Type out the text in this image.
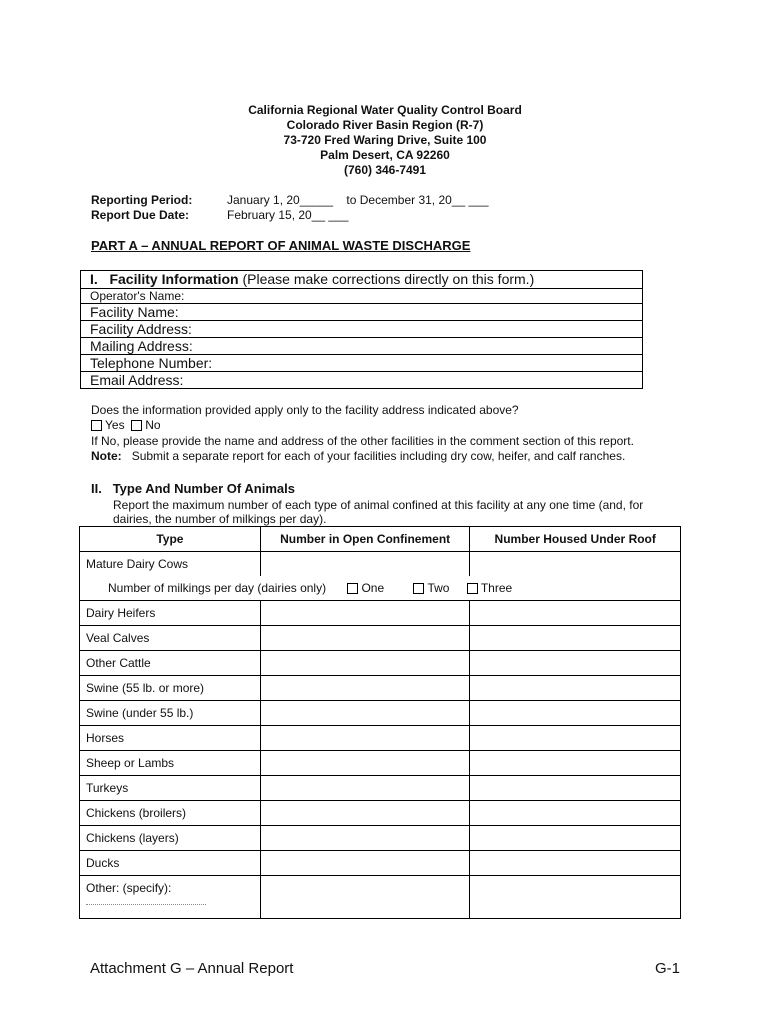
California Regional Water Quality Control Board
Colorado River Basin Region (R-7)
73-720 Fred Waring Drive, Suite 100
Palm Desert, CA 92260
(760) 346-7491
Reporting Period:	January 1, 20_____    to December 31, 20__ ___
Report Due Date:	February 15, 20__ ___
PART A – ANNUAL REPORT OF ANIMAL WASTE DISCHARGE
I. Facility Information (Please make corrections directly on this form.)
Operator's Name:
Facility Name:
Facility Address:
Mailing Address:
Telephone Number:
Email Address:
Does the information provided apply only to the facility address indicated above?
Yes No
If No, please provide the name and address of the other facilities in the comment section of this report.
Note: Submit a separate report for each of your facilities including dry cow, heifer, and calf ranches.
II. Type And Number Of Animals
Report the maximum number of each type of animal confined at this facility at any one time (and, for
dairies, the number of milkings per day).
Type	Number in Open Confinement	Number Housed Under Roof
Mature Dairy Cows		
Number of milkings per day (dairies only) One Two Three		
Dairy Heifers		
Veal Calves		
Other Cattle		
Swine (55 lb. or more)		
Swine (under 55 lb.)		
Horses		
Sheep or Lambs		
Turkeys		
Chickens (broilers)		
Chickens (layers)		
Ducks		
Other: (specify):

Attachment G – Annual Report	G-1
